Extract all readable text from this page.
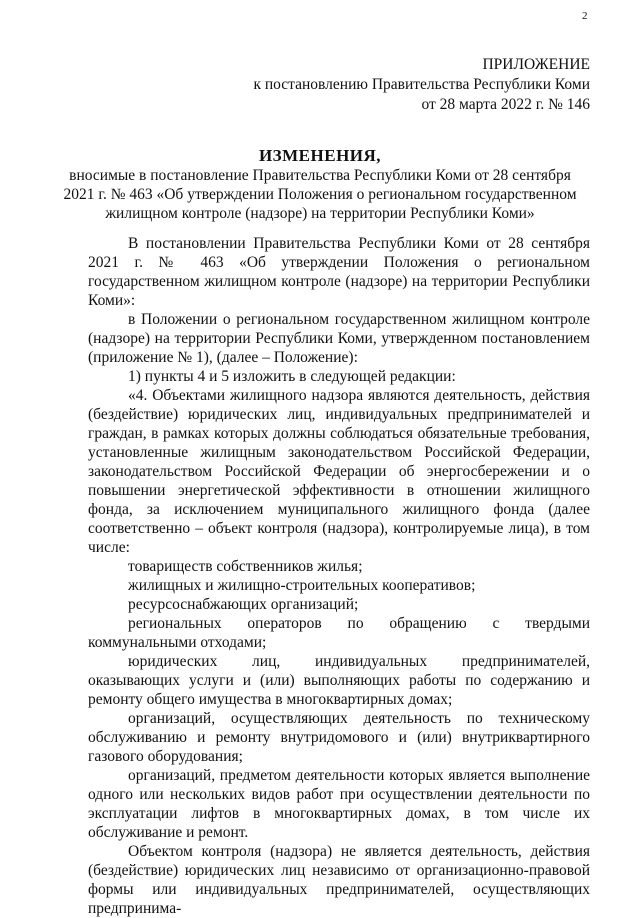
2
ПРИЛОЖЕНИЕ
к постановлению Правительства Республики Коми
от 28 марта 2022 г. № 146
ИЗМЕНЕНИЯ,
вносимые в постановление Правительства Республики Коми от 28 сентября
2021 г. № 463 «Об утверждении Положения о региональном государственном
жилищном контроле (надзоре) на территории Республики Коми»

В постановлении Правительства Республики Коми от 28 сентября 2021 г. № 463 «Об утверждении Положения о региональном государственном жилищном контроле (надзоре) на территории Республики Коми»:

в Положении о региональном государственном жилищном контроле (надзоре) на территории Республики Коми, утвержденном постановлением (приложение № 1), (далее – Положение):

1) пункты 4 и 5 изложить в следующей редакции:

«4. Объектами жилищного надзора являются деятельность, действия (бездействие) юридических лиц, индивидуальных предпринимателей и граждан, в рамках которых должны соблюдаться обязательные требования, установленные жилищным законодательством Российской Федерации, законодательством Российской Федерации об энергосбережении и о повышении энергетической эффективности в отношении жилищного фонда, за исключением муниципального жилищного фонда (далее соответственно – объект контроля (надзора), контролируемые лица), в том числе:

товариществ собственников жилья;

жилищных и жилищно-строительных кооперативов;

ресурсоснабжающих организаций;

региональных операторов по обращению с твердыми коммунальными отходами;

юридических лиц, индивидуальных предпринимателей, оказывающих услуги и (или) выполняющих работы по содержанию и ремонту общего имущества в многоквартирных домах;

организаций, осуществляющих деятельность по техническому обслуживанию и ремонту внутридомового и (или) внутриквартирного газового оборудования;

организаций, предметом деятельности которых является выполнение одного или нескольких видов работ при осуществлении деятельности по эксплуатации лифтов в многоквартирных домах, в том числе их обслуживание и ремонт.

Объектом контроля (надзора) не является деятельность, действия (бездействие) юридических лиц независимо от организационно-правовой формы или индивидуальных предпринимателей, осуществляющих предпринима-
